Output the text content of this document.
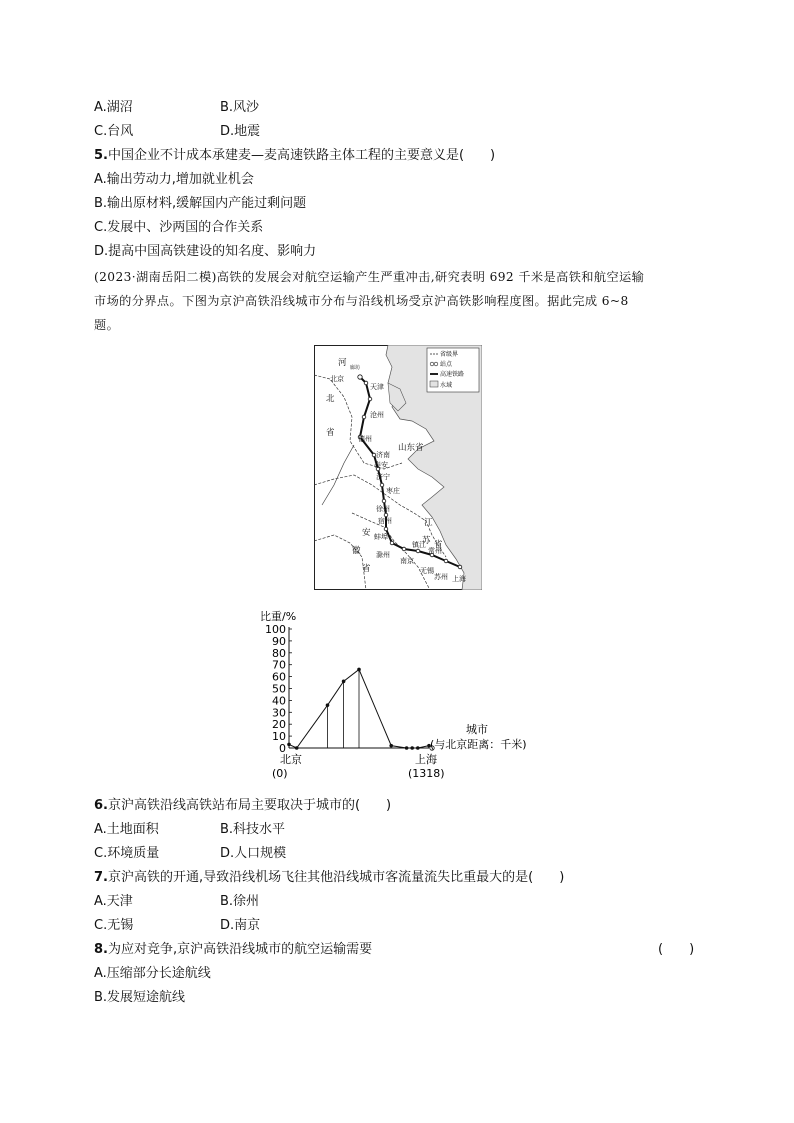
A.湖沼	B.风沙
C.台风	D.地震
5.中国企业不计成本承建麦—麦高速铁路主体工程的主要意义是(　　)
A.输出劳动力,增加就业机会
B.输出原材料,缓解国内产能过剩问题
C.发展中、沙两国的合作关系
D.提高中国高铁建设的知名度、影响力
(2023·湖南岳阳二模)高铁的发展会对航空运输产生严重冲击,研究表明 692 千米是高铁和航空运输
市场的分界点。下图为京沪高铁沿线城市分布与沿线机场受京沪高铁影响程度图。据此完成 6~8
题。
省级界
站点
高速铁路
水域
河
北
省
山东省
江
苏 省
安
徽
省
北京
天津
沧州
德州
济南
泰安
济宁
枣庄
徐州
宿州
蚌埠
滁州
南京
镇江
常州
无锡
苏州 上海
廊坊
比重/%
0
10
20
30
40
50
60
70
80
90
100
北京
(0)
上海
(1318)
城市
(与北京距离：千米)
6.京沪高铁沿线高铁站布局主要取决于城市的(　　)
A.土地面积	B.科技水平
C.环境质量	D.人口规模
7.京沪高铁的开通,导致沿线机场飞往其他沿线城市客流量流失比重最大的是(　　)
A.天津	B.徐州
C.无锡	D.南京
8.为应对竞争,京沪高铁沿线城市的航空运输需要	(　　)
A.压缩部分长途航线
B.发展短途航线
